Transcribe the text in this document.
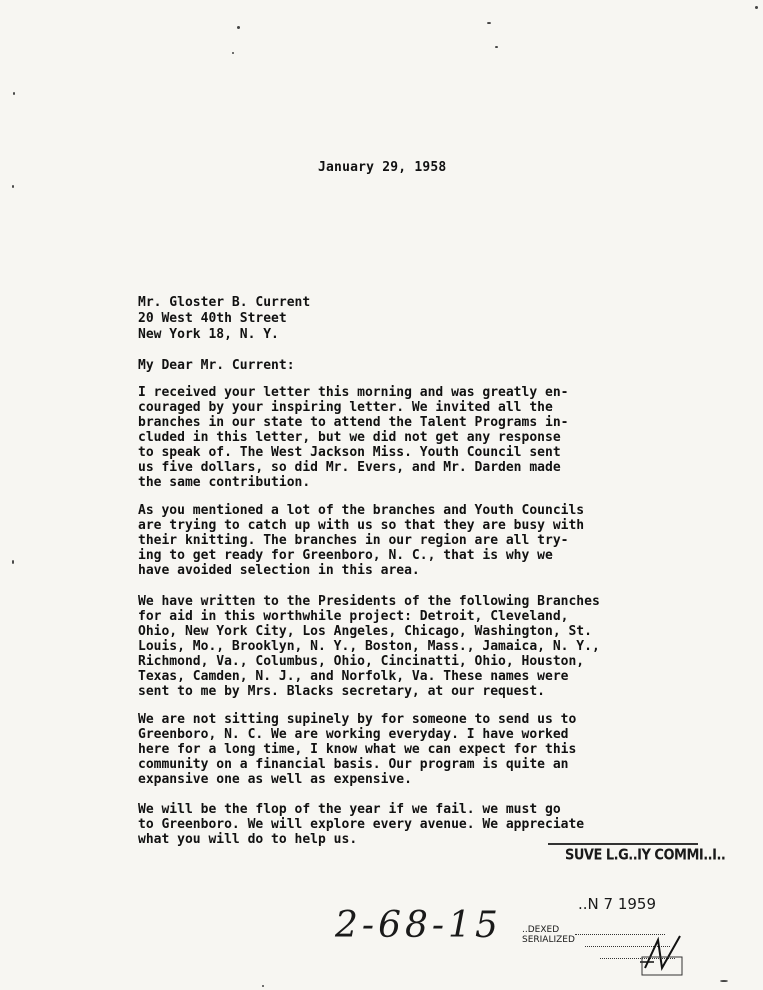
January 29, 1958
Mr. Gloster B. Current
20 West 40th Street
New York 18, N. Y.
My Dear Mr. Current:
I received your letter this morning and was greatly en-
couraged by your inspiring letter. We invited all the
branches in our state to attend the Talent Programs in-
cluded in this letter, but we did not get any response
to speak of. The West Jackson Miss. Youth Council sent
us five dollars, so did Mr. Evers, and Mr. Darden made
the same contribution.
As you mentioned a lot of the branches and Youth Councils
are trying to catch up with us so that they are busy with
their knitting. The branches in our region are all try-
ing to get ready for Greenboro, N. C., that is why we
have avoided selection in this area.
We have written to the Presidents of the following Branches
for aid in this worthwhile project: Detroit, Cleveland,
Ohio, New York City, Los Angeles, Chicago, Washington, St.
Louis, Mo., Brooklyn, N. Y., Boston, Mass., Jamaica, N. Y.,
Richmond, Va., Columbus, Ohio, Cincinatti, Ohio, Houston,
Texas, Camden, N. J., and Norfolk, Va. These names were
sent to me by Mrs. Blacks secretary, at our request.
We are not sitting supinely by for someone to send us to
Greenboro, N. C. We are working everyday. I have worked
here for a long time, I know what we can expect for this
community on a financial basis. Our program is quite an
expansive one as well as expensive.
We will be the flop of the year if we fail. we must go
to Greenboro. We will explore every avenue. We appreciate
what you will do to help us.
SUVE L.G..IY COMMI..I..
..N 7 1959
2-68-15 ..DEXED
SERIALIZED
